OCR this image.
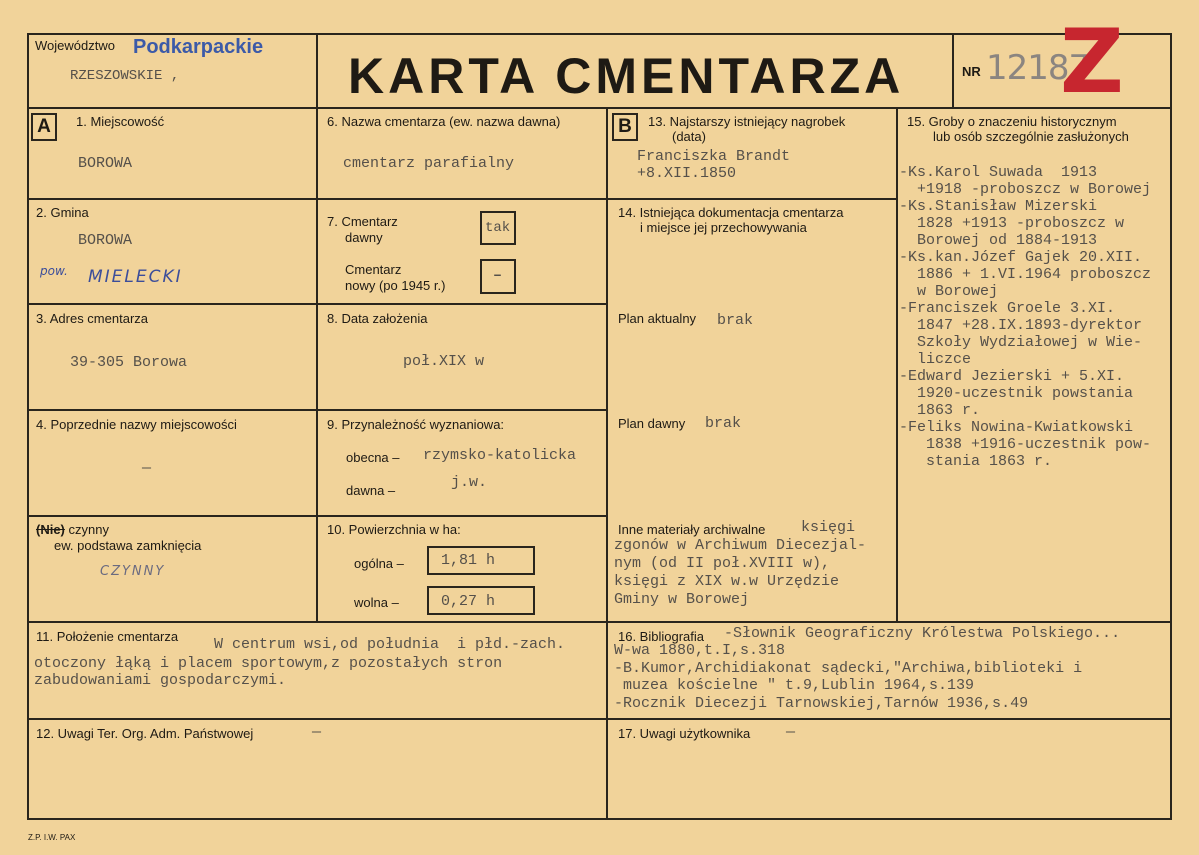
Województwo Podkarpackie
RZESZOWSKIE ,	KARTA CMENTARZA	NR 12187
Z
A	1. Miejscowość
BOROWA
2. Gmina
BOROWA
pow. MIELECKI
3. Adres cmentarza
39-305 Borowa
4. Poprzednie nazwy miejscowości
—
(Nie) czynny
ew. podstawa zamknięcia
CZYNNY
6. Nazwa cmentarza (ew. nazwa dawna)
cmentarz parafialny
7. Cmentarz
dawny
tak
Cmentarz
nowy (po 1945 r.)
–
8. Data założenia
poł.XIX w
9. Przynależność wyznaniowa:
obecna – rzymsko-katolicka
dawna –	j.w.
10. Powierzchnia w ha:
ogólna – 1,81 h
wolna –	0,27 h
B	13. Najstarszy istniejący nagrobek
(data)
Franciszka Brandt
+8.XII.1850
14. Istniejąca dokumentacja cmentarza
i miejsce jej przechowywania
Plan aktualny brak
Plan dawny brak
Inne materiały archiwalne księgi
zgonów w Archiwum Diecezjal-
nym (od II poł.XVIII w),
księgi z XIX w.w Urzędzie
Gminy w Borowej
15. Groby o znaczeniu historycznym
lub osób szczególnie zasłużonych
-Ks.Karol Suwada  1913
+1918 -proboszcz w Borowej
-Ks.Stanisław Mizerski
1828 +1913 -proboszcz w
Borowej od 1884-1913
-Ks.kan.Józef Gajek 20.XII.
1886 + 1.VI.1964 proboszcz
w Borowej
-Franciszek Groele 3.XI.
1847 +28.IX.1893-dyrektor
Szkoły Wydziałowej w Wie-
liczce
-Edward Jezierski + 5.XI.
1920-uczestnik powstania
1863 r.
-Feliks Nowina-Kwiatkowski
1838 +1916-uczestnik pow-
stania 1863 r.
11. Położenie cmentarza W centrum wsi,od południa  i płd.-zach.
otoczony łąką i placem sportowym,z pozostałych stron
zabudowaniami gospodarczymi.
16. Bibliografia -Słownik Geograficzny Królestwa Polskiego...
W-wa 1880,t.I,s.318
-B.Kumor,Archidiakonat sądecki,"Archiwa,biblioteki i
muzea kościelne " t.9,Lublin 1964,s.139
-Rocznik Diecezji Tarnowskiej,Tarnów 1936,s.49
12. Uwagi Ter. Org. Adm. Państwowej	—	17. Uwagi użytkownika —
Z.P. I.W. PAX
